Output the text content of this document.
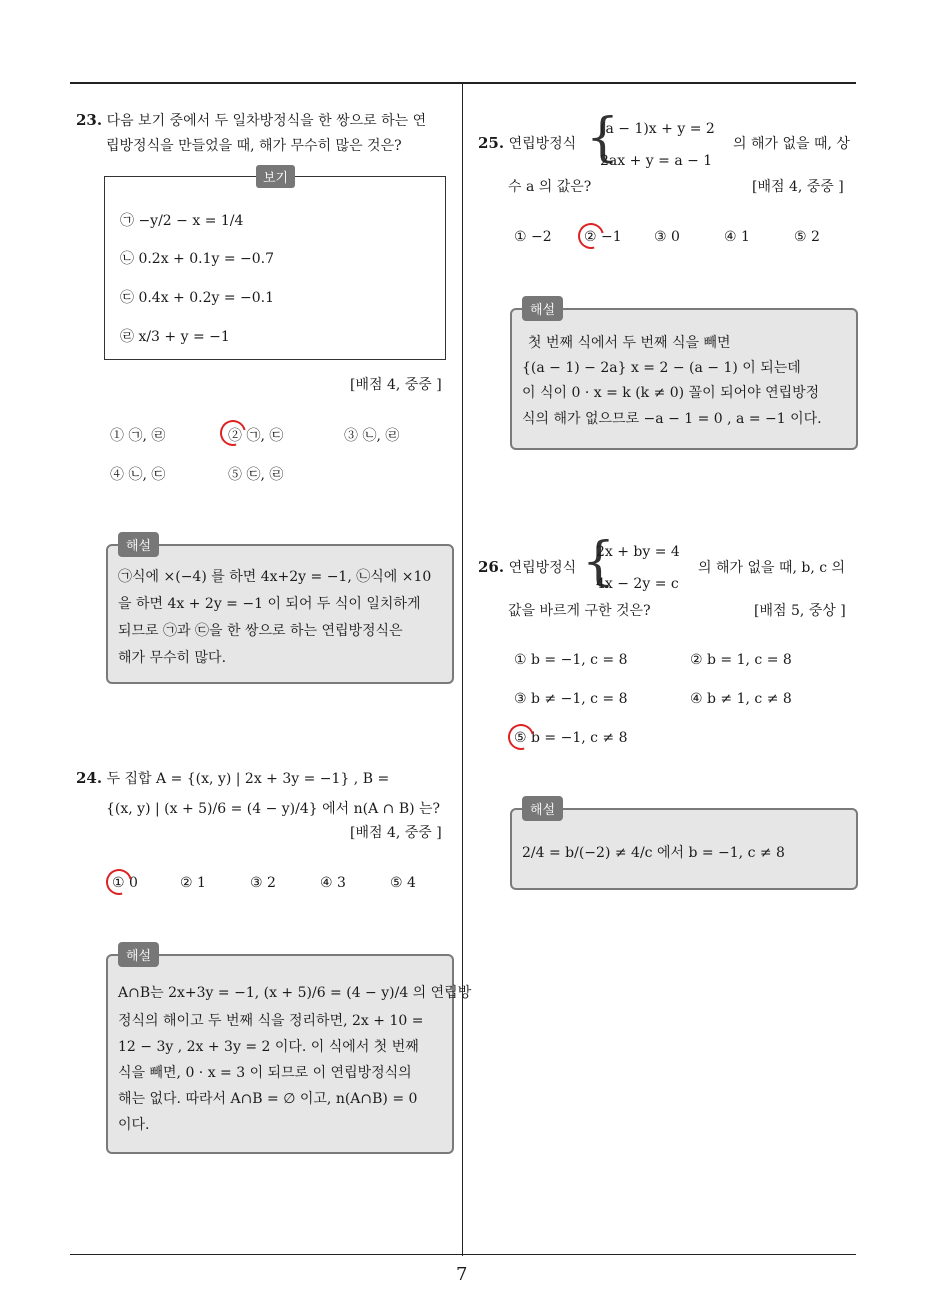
7
23. 다음 보기 중에서 두 일차방정식을 한 쌍으로 하는 연
립방정식을 만들었을 때, 해가 무수히 많은 것은?
보기
㉠ −y/2 − x = 1/4
㉡ 0.2x + 0.1y = −0.7
㉢ 0.4x + 0.2y = −0.1
㉣ x/3 + y = −1
[배점 4, 중중 ]
① ㉠, ㉣	② ㉠, ㉢	③ ㉡, ㉣
④ ㉡, ㉢	⑤ ㉢, ㉣
해설
㉠식에 ×(−4) 를 하면 4x+2y = −1, ㉡식에 ×10
을 하면 4x + 2y = −1 이 되어 두 식이 일치하게
되므로 ㉠과 ㉢을 한 쌍으로 하는 연립방정식은
해가 무수히 많다.
24. 두 집합 A = {(x, y) | 2x + 3y = −1} , B =
{(x, y) | (x + 5)/6 = (4 − y)/4} 에서 n(A ∩ B) 는?
[배점 4, 중중 ]
① 0	② 1	③ 2	④ 3	⑤ 4
해설
A∩B는 2x+3y = −1, (x + 5)/6 = (4 − y)/4 의 연립방
정식의 해이고 두 번째 식을 정리하면, 2x + 10 =
12 − 3y , 2x + 3y = 2 이다. 이 식에서 첫 번째
식을 빼면, 0 · x = 3 이 되므로 이 연립방정식의
해는 없다. 따라서 A∩B = ∅ 이고, n(A∩B) = 0
이다.
25. 연립방정식 {
(a − 1)x + y = 2
2ax + y = a − 1
의 해가 없을 때, 상
수 a 의 값은?	[배점 4, 중중 ]
① −2 ② −1 ③ 0	④ 1	⑤ 2
해설
첫 번째 식에서 두 번째 식을 빼면
{(a − 1) − 2a} x = 2 − (a − 1) 이 되는데
이 식이 0 · x = k (k ≠ 0) 꼴이 되어야 연립방정
식의 해가 없으므로 −a − 1 = 0 , a = −1 이다.
26. 연립방정식 {
2x + by = 4
4x − 2y = c
의 해가 없을 때, b, c 의
값을 바르게 구한 것은?	[배점 5, 중상 ]
① b = −1, c = 8	② b = 1, c = 8
③ b ≠ −1, c = 8	④ b ≠ 1, c ≠ 8
⑤ b = −1, c ≠ 8
해설
2/4 = b/(−2) ≠ 4/c 에서 b = −1, c ≠ 8
